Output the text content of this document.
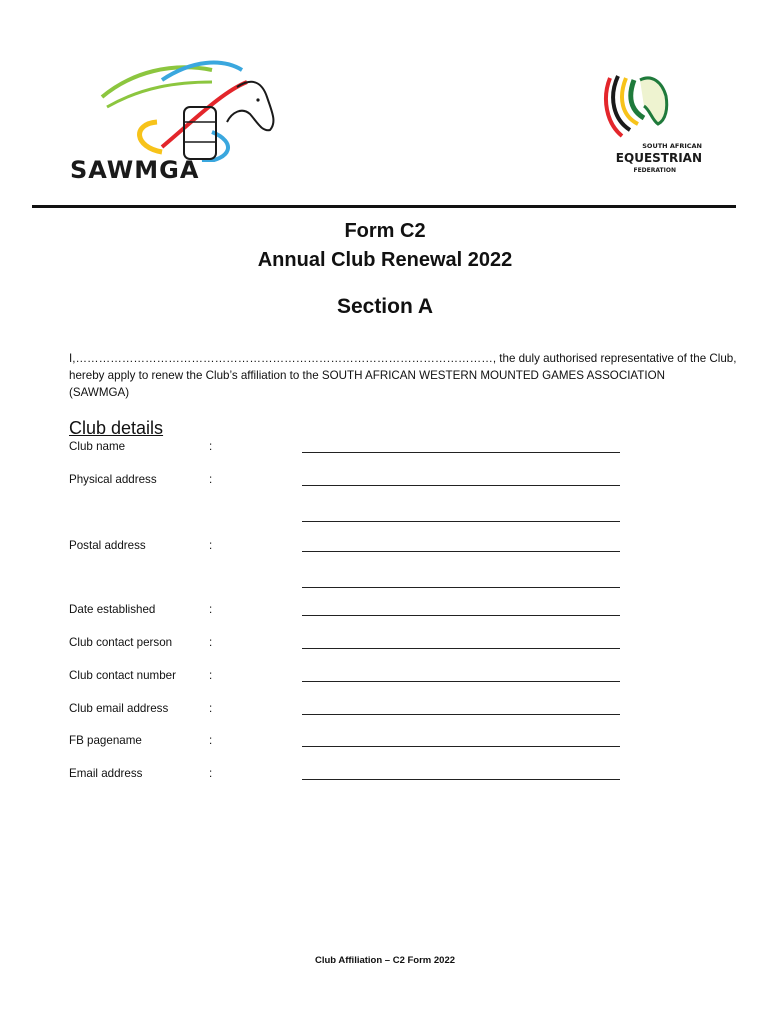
SAWMGA
SOUTH AFRICAN
EQUESTRIAN
FEDERATION
Form C2
Annual Club Renewal 2022
Section A
I, ………………………………………………………………………………………………, the duly authorised representative of the Club,
hereby apply to renew the Club’s affiliation to the SOUTH AFRICAN WESTERN MOUNTED GAMES ASSOCIATION
(SAWMGA)
Club details
Club name	:
Physical address	:
Postal address	:
Date established	:
Club contact person	:
Club contact number	:
Club email address	:
FB pagename	:
Email address	:
Club Affiliation – C2 Form 2022
